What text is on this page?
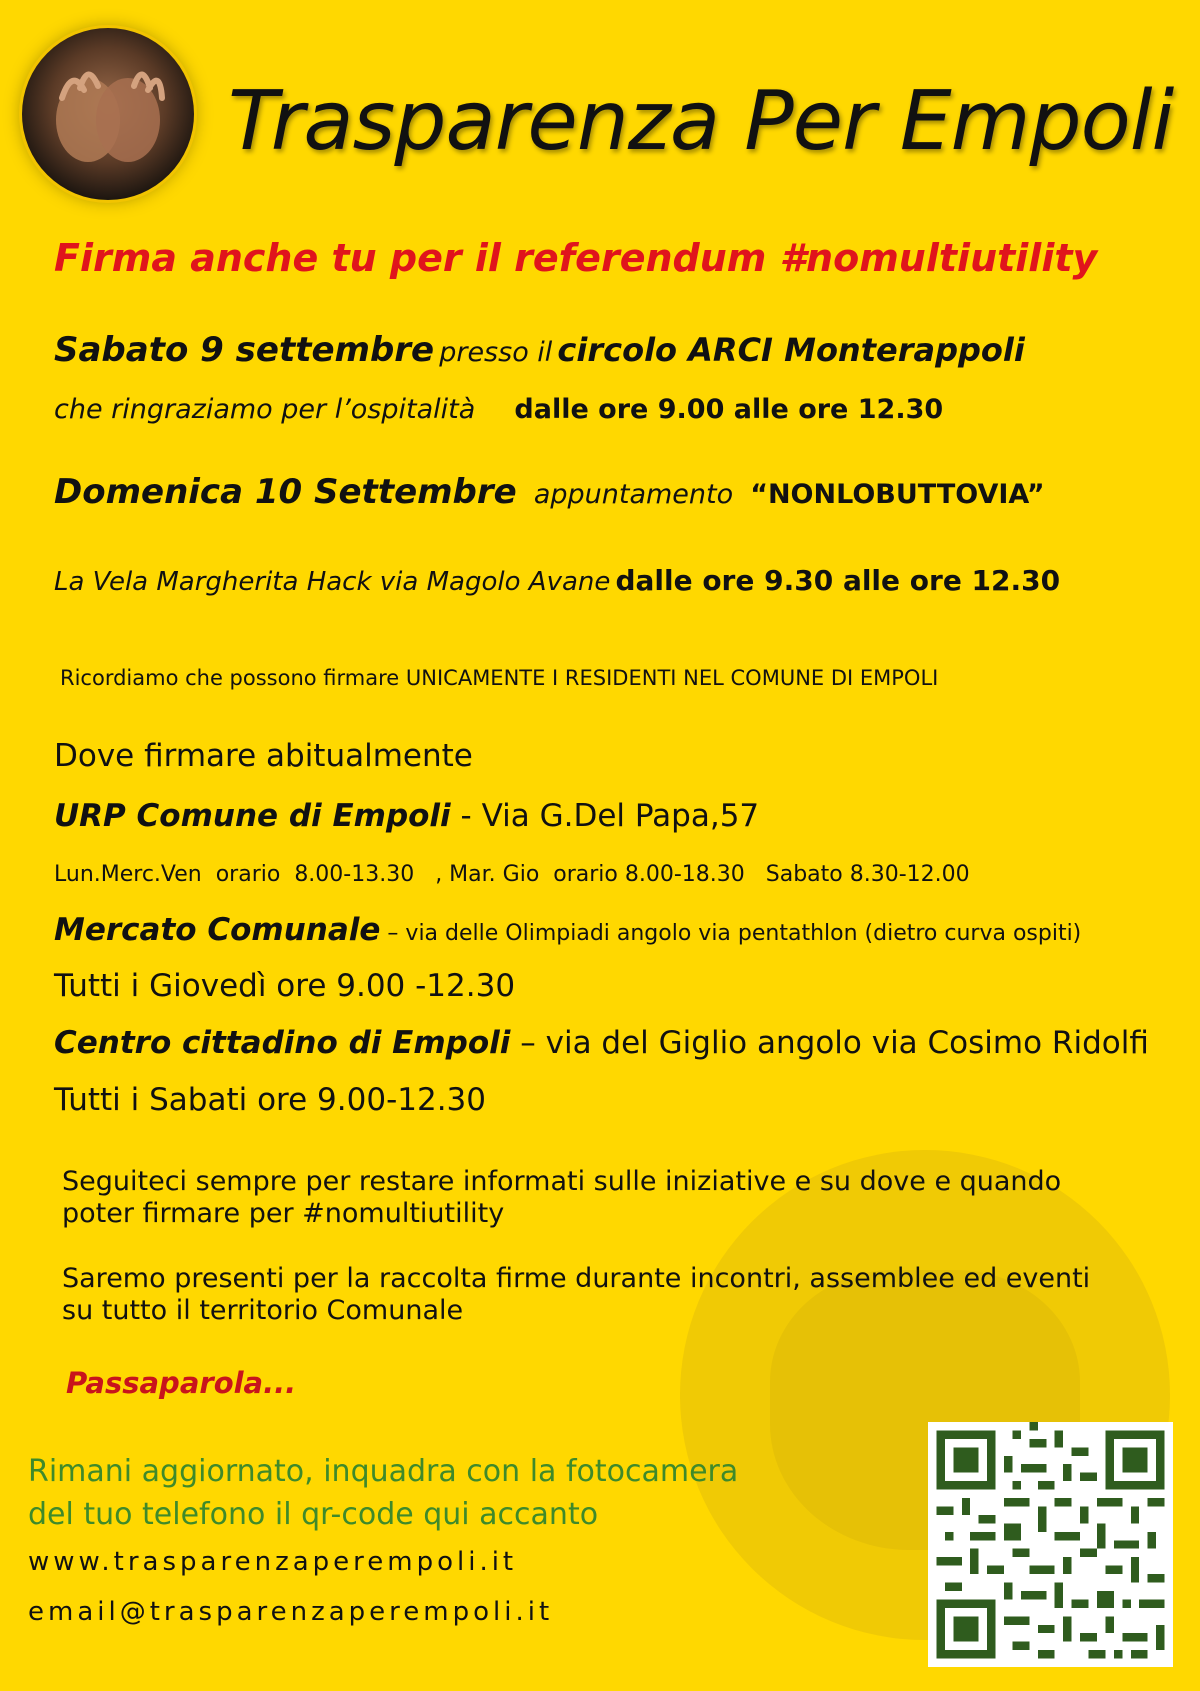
Trasparenza Per Empoli
Firma anche tu per il referendum #nomultiutility
Sabato 9 settembre presso il circolo ARCI Monterappoli
che ringraziamo per l’ospitalità dalle ore 9.00 alle ore 12.30
Domenica 10 Settembre appuntamento “NONLOBUTTOVIA”
La Vela Margherita Hack via Magolo Avane dalle ore 9.30 alle ore 12.30
Ricordiamo che possono firmare UNICAMENTE I RESIDENTI NEL COMUNE DI EMPOLI
Dove firmare abitualmente
URP Comune di Empoli - Via G.Del Papa,57
Lun.Merc.Ven  orario  8.00-13.30   , Mar. Gio  orario 8.00-18.30   Sabato 8.30-12.00
Mercato Comunale – via delle Olimpiadi angolo via pentathlon (dietro curva ospiti)
Tutti i Giovedì ore 9.00 -12.30
Centro cittadino di Empoli – via del Giglio angolo via Cosimo Ridolfi
Tutti i Sabati ore 9.00-12.30
Seguiteci sempre per restare informati sulle iniziative e su dove e quando
poter firmare per #nomultiutility
Saremo presenti per la raccolta firme durante incontri, assemblee ed eventi
su tutto il territorio Comunale
Passaparola...
Rimani aggiornato, inquadra con la fotocamera
del tuo telefono il qr-code qui accanto
www.trasparenzaperempoli.it
email@trasparenzaperempoli.it
